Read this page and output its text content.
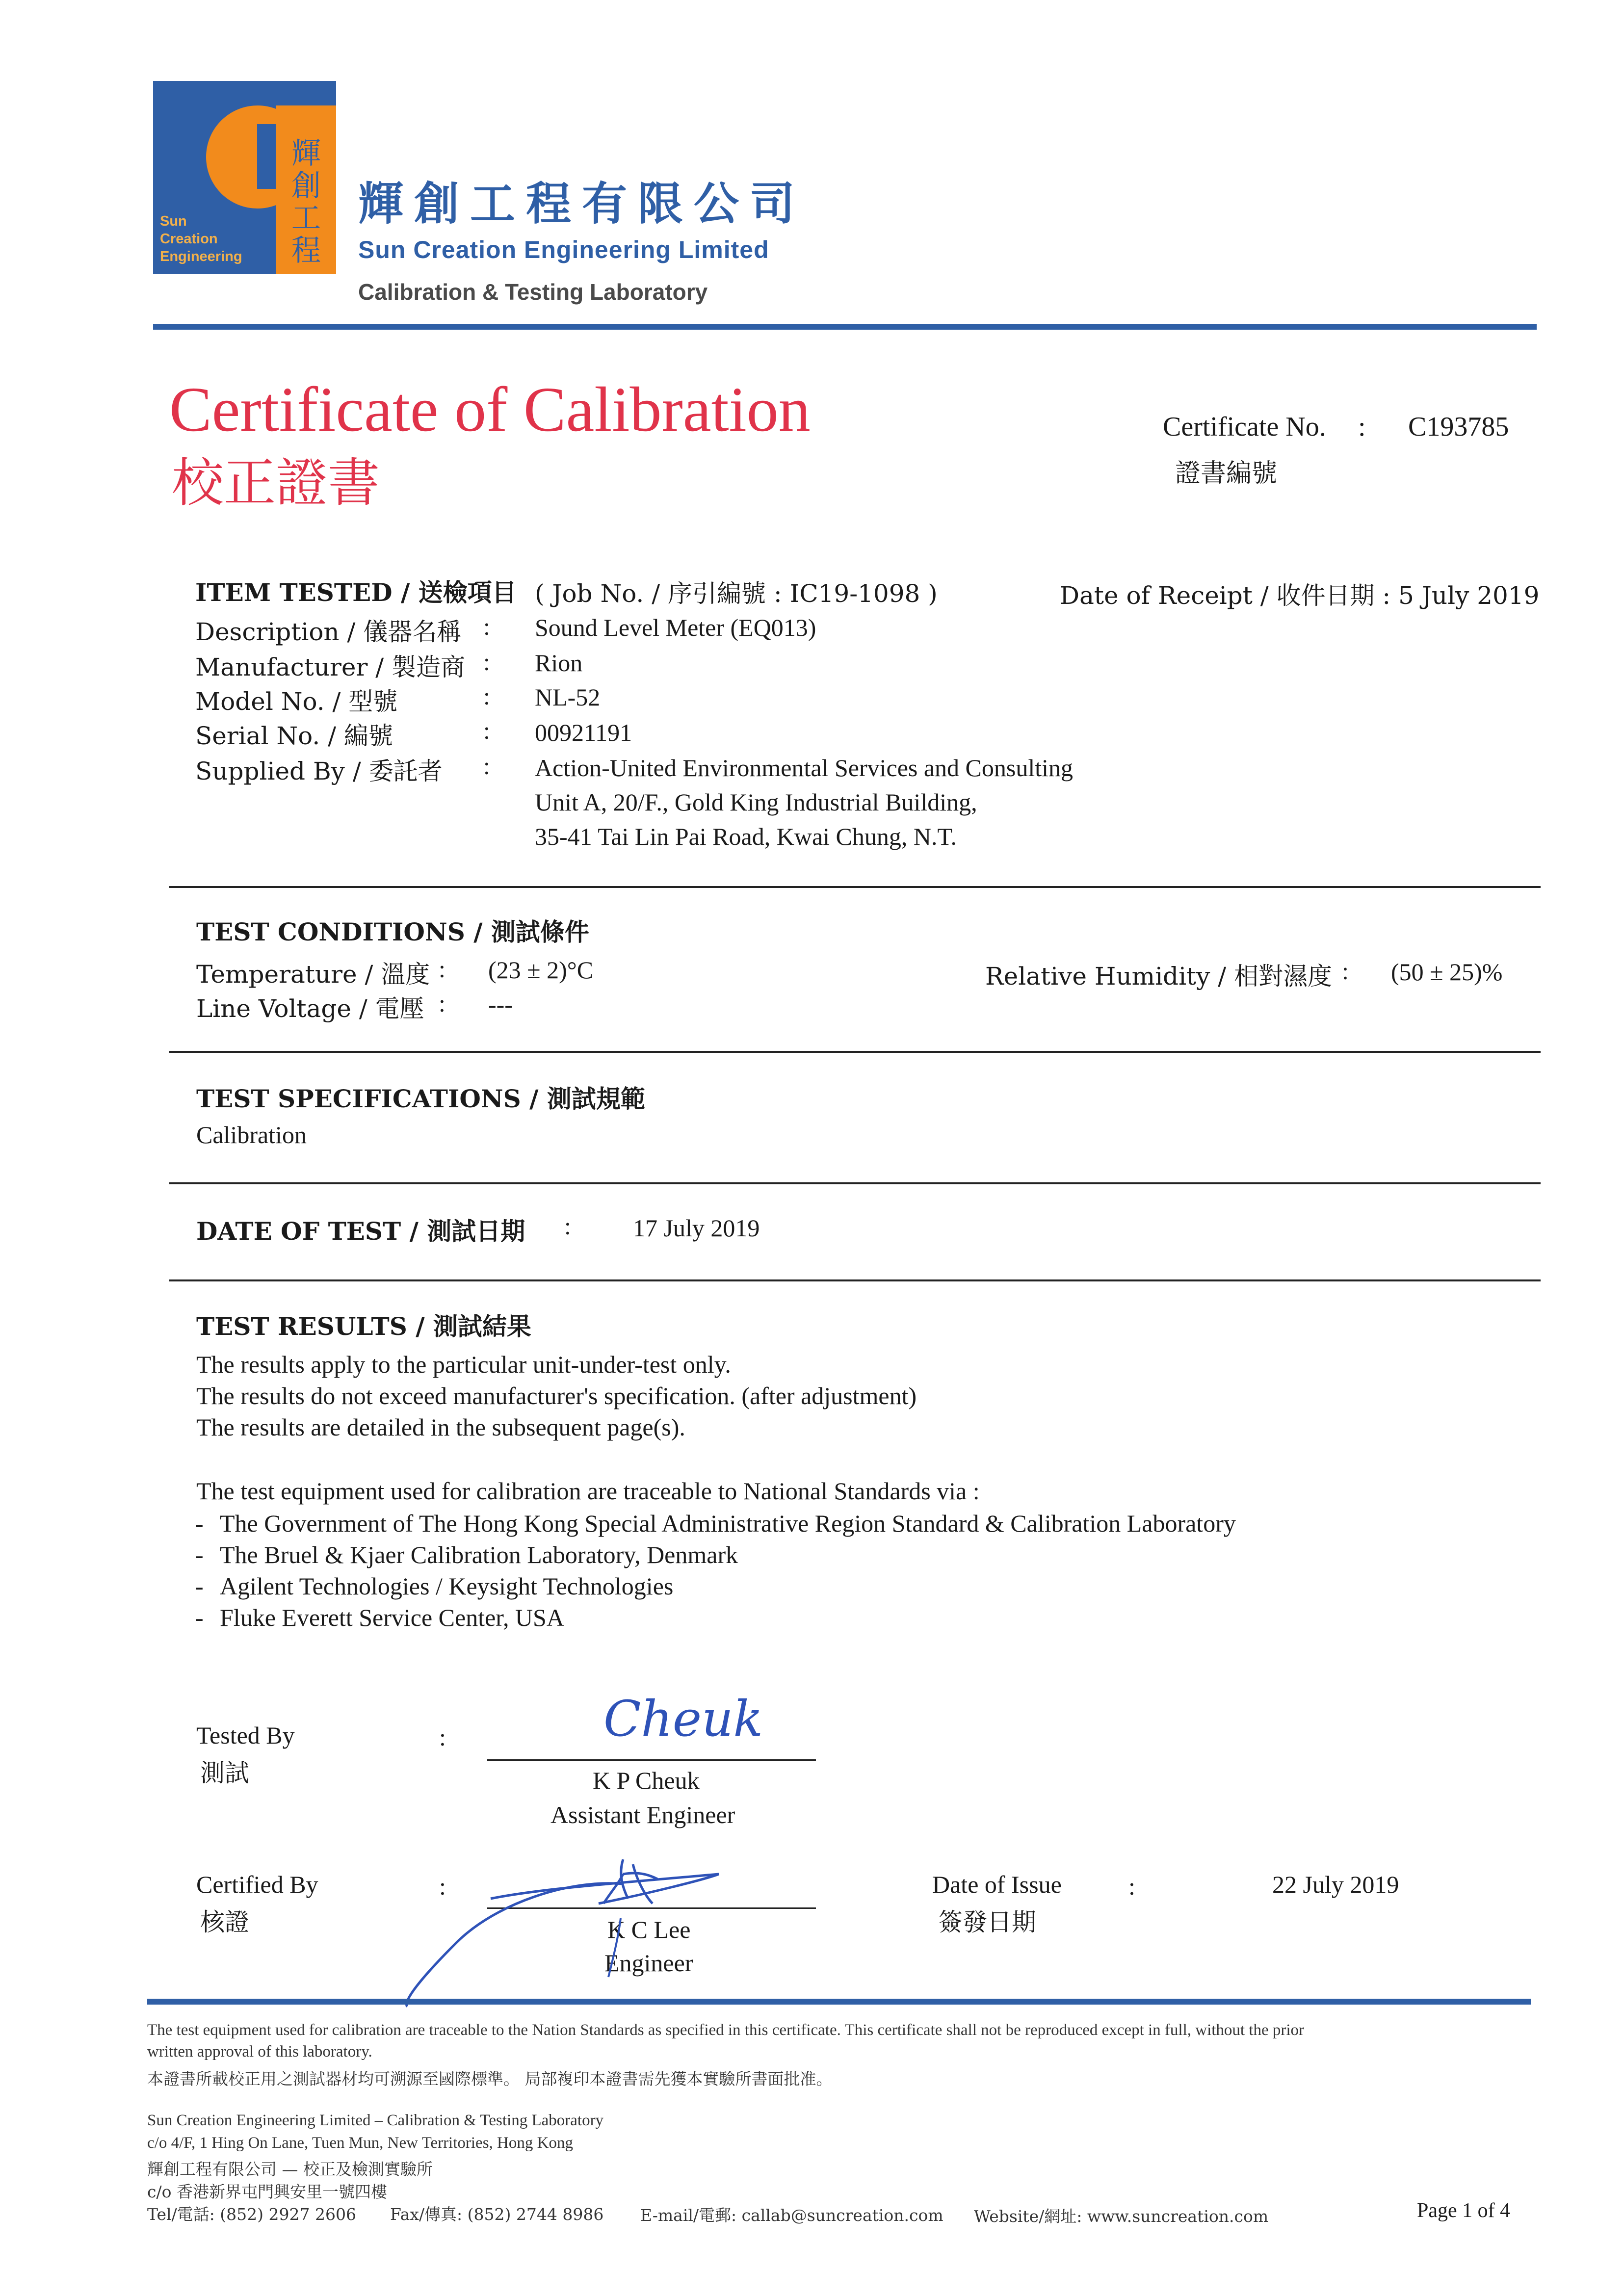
輝創工程
Sun
Creation
Engineering
輝創工程有限公司
Sun Creation Engineering Limited
Calibration & Testing Laboratory
Certificate of Calibration
校正證書
Certificate No. : C193785
證書編號
ITEM TESTED / 送檢項目 ( Job No. / 序引編號 : IC19-1098 )	Date of Receipt / 收件日期 : 5 July 2019
Description / 儀器名稱 : Sound Level Meter (EQ013)
Manufacturer / 製造商 : Rion
Model No. / 型號	: NL-52
Serial No. / 編號	: 00921191
Supplied By / 委託者 : Action-United Environmental Services and Consulting
Unit A, 20/F., Gold King Industrial Building,
35-41 Tai Lin Pai Road, Kwai Chung, N.T.
TEST CONDITIONS / 測試條件
Temperature / 溫度 : (23 ± 2)°C
Line Voltage / 電壓 : ---
Relative Humidity / 相對濕度 : (50 ± 25)%
TEST SPECIFICATIONS / 測試規範
Calibration
DATE OF TEST / 測試日期 :	17 July 2019
TEST RESULTS / 測試結果
The results apply to the particular unit-under-test only.
The results do not exceed manufacturer's specification. (after adjustment)
The results are detailed in the subsequent page(s).
The test equipment used for calibration are traceable to National Standards via :
- The Government of The Hong Kong Special Administrative Region Standard & Calibration Laboratory
- The Bruel & Kjaer Calibration Laboratory, Denmark
- Agilent Technologies / Keysight Technologies
- Fluke Everett Service Center, USA
Tested By
測試
:	Cheuk
K P Cheuk
Assistant Engineer
Certified By
核證
:
K C Lee
Engineer
Date of Issue
簽發日期
:	22 July 2019
The test equipment used for calibration are traceable to the Nation Standards as specified in this certificate. This certificate shall not be reproduced except in full, without the prior
written approval of this laboratory.
本證書所載校正用之測試器材均可溯源至國際標準。 局部複印本證書需先獲本實驗所書面批准。
Sun Creation Engineering Limited – Calibration & Testing Laboratory
c/o 4/F, 1 Hing On Lane, Tuen Mun, New Territories, Hong Kong
輝創工程有限公司 — 校正及檢測實驗所
c/o 香港新界屯門興安里一號四樓
Tel/電話: (852) 2927 2606 Fax/傳真: (852) 2744 8986 E-mail/電郵: callab@suncreation.com Website/網址: www.suncreation.com	Page 1 of 4
